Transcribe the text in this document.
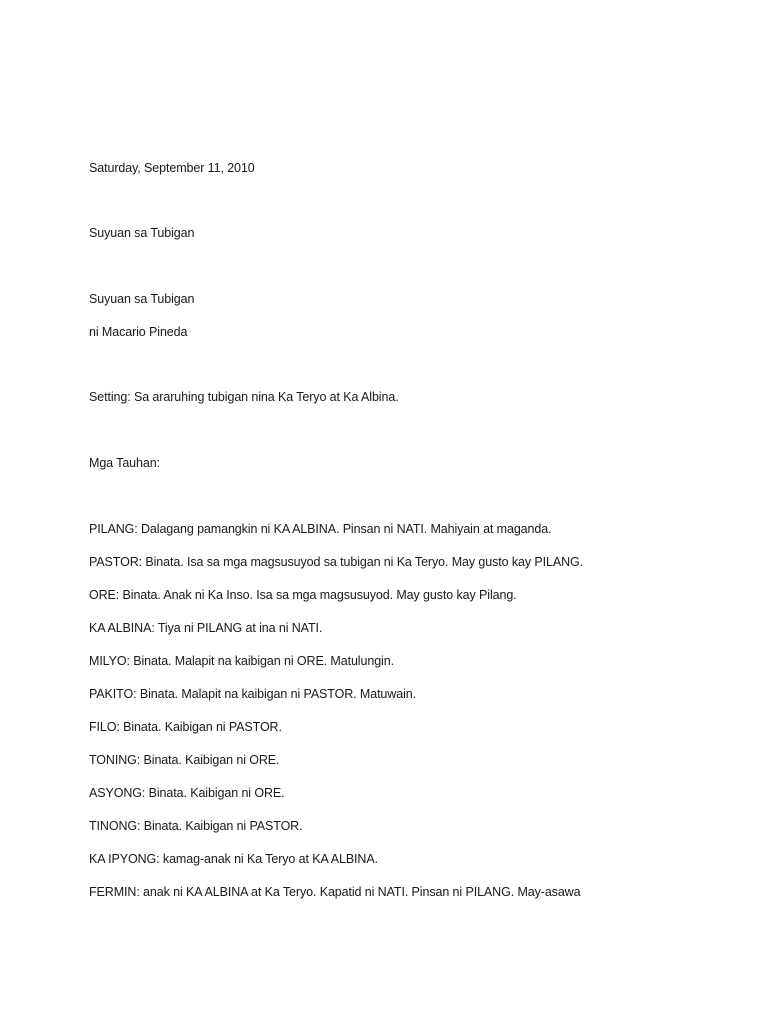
Saturday, September 11, 2010
Suyuan sa Tubigan
Suyuan sa Tubigan
ni Macario Pineda
Setting: Sa araruhing tubigan nina Ka Teryo at Ka Albina.
Mga Tauhan:
PILANG: Dalagang pamangkin ni KA ALBINA. Pinsan ni NATI. Mahiyain at maganda.
PASTOR: Binata. Isa sa mga magsusuyod sa tubigan ni Ka Teryo. May gusto kay PILANG.
ORE: Binata. Anak ni Ka Inso. Isa sa mga magsusuyod. May gusto kay Pilang.
KA ALBINA: Tiya ni PILANG at ina ni NATI.
MILYO: Binata. Malapit na kaibigan ni ORE. Matulungin.
PAKITO: Binata. Malapit na kaibigan ni PASTOR. Matuwain.
FILO: Binata. Kaibigan ni PASTOR.
TONING: Binata. Kaibigan ni ORE.
ASYONG: Binata. Kaibigan ni ORE.
TINONG: Binata. Kaibigan ni PASTOR.
KA IPYONG: kamag-anak ni Ka Teryo at KA ALBINA.
FERMIN: anak ni KA ALBINA at Ka Teryo. Kapatid ni NATI. Pinsan ni PILANG. May-asawa
